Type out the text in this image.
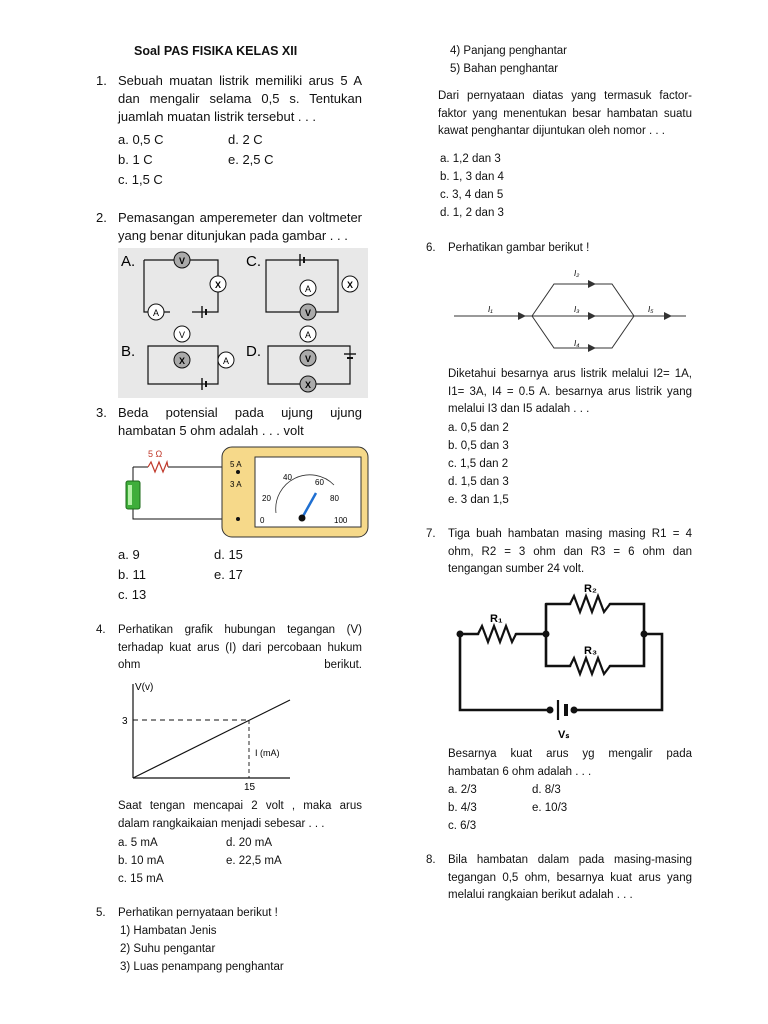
Soal PAS FISIKA KELAS XII
1. Sebuah muatan listrik memiliki arus 5 A
dan mengalir selama 0,5 s. Tentukan
juamlah muatan listrik tersebut . . .
a. 0,5 C	d. 2 C
b. 1 C	e. 2,5 C
c. 1,5 C
2. Pemasangan amperemeter dan voltmeter
yang benar ditunjukan pada gambar . . .
A.	V
X
A
C.
A	X
V
B.
V
X	A
D.
A
V
X
3. Beda potensial pada ujung ujung
hambatan 5 ohm adalah . . . volt
5 Ω
5 A
3 A
0
20
40
60
80
100
a. 9	d. 15
b. 11	e. 17
c. 13
4. Perhatikan grafik hubungan tegangan (V)
terhadap kuat arus (I) dari percobaan hukum
ohm	berikut.
V(v)
3
I (mA)
15
Saat tengan mencapai 2 volt , maka arus
dalam rangkaikaian menjadi sebesar . . .
a. 5 mA	d. 20 mA
b. 10 mA	e. 22,5 mA
c. 15 mA
5. Perhatikan pernyataan berikut !
1) Hambatan Jenis
2) Suhu pengantar
3) Luas penampang penghantar
4) Panjang penghantar
5) Bahan penghantar
Dari pernyataan diatas yang termasuk factor-
faktor yang menentukan besar hambatan suatu
kawat penghantar dijuntukan oleh nomor . . .
a. 1,2 dan 3
b. 1, 3 dan 4
c. 3, 4 dan 5
d. 1, 2 dan 3
6. Perhatikan gambar berikut !
I₁
I₂
I₃
I₄
I₅
Diketahui besarnya arus listrik melalui I2= 1A,
I1= 3A, I4 = 0.5 A. besarnya arus listrik yang
melalui I3 dan I5 adalah . . .
a. 0,5 dan 2
b. 0,5 dan 3
c. 1,5 dan 2
d. 1,5 dan 3
e. 3 dan 1,5
7. Tiga buah hambatan masing masing R1 = 4
ohm, R2 = 3 ohm dan R3 = 6 ohm dan
tengangan sumber 24 volt.
R₁
R₂
R₃
Vₛ
Besarnya kuat arus yg mengalir pada
hambatan 6 ohm adalah . . .
a. 2/3	d. 8/3
b. 4/3	e. 10/3
c. 6/3
8. Bila hambatan dalam pada masing-masing
tegangan 0,5 ohm, besarnya kuat arus yang
melalui rangkaian berikut adalah . . .
